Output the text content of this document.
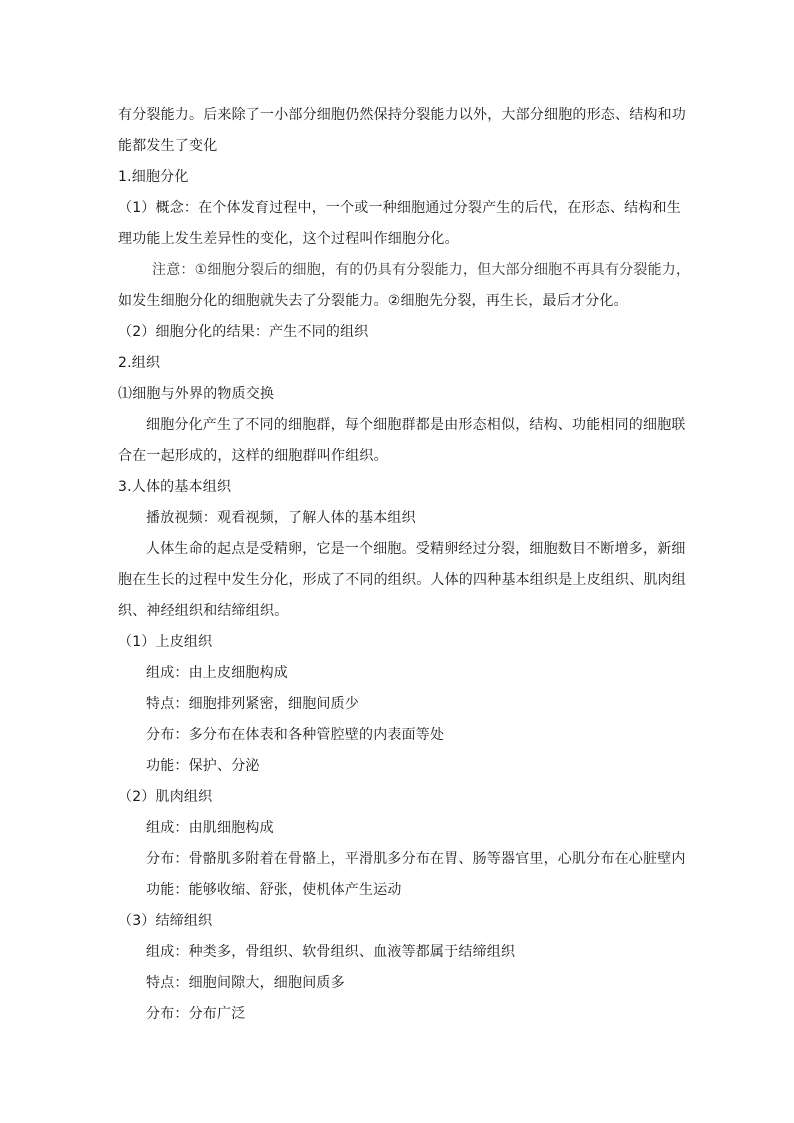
有分裂能力。后来除了一小部分细胞仍然保持分裂能力以外，大部分细胞的形态、结构和功
能都发生了变化
1.细胞分化
（1）概念：在个体发育过程中，一个或一种细胞通过分裂产生的后代，在形态、结构和生
理功能上发生差异性的变化，这个过程叫作细胞分化。
注意：①细胞分裂后的细胞，有的仍具有分裂能力，但大部分细胞不再具有分裂能力，
如发生细胞分化的细胞就失去了分裂能力。②细胞先分裂，再生长，最后才分化。
（2）细胞分化的结果：产生不同的组织
2.组织
⑴细胞与外界的物质交换
细胞分化产生了不同的细胞群，每个细胞群都是由形态相似，结构、功能相同的细胞联
合在一起形成的，这样的细胞群叫作组织。
3.人体的基本组织
播放视频：观看视频，了解人体的基本组织
人体生命的起点是受精卵，它是一个细胞。受精卵经过分裂，细胞数目不断增多，新细
胞在生长的过程中发生分化，形成了不同的组织。人体的四种基本组织是上皮组织、肌肉组
织、神经组织和结缔组织。
（1）上皮组织
组成：由上皮细胞构成
特点：细胞排列紧密，细胞间质少
分布：多分布在体表和各种管腔壁的内表面等处
功能：保护、分泌
（2）肌肉组织
组成：由肌细胞构成
分布：骨骼肌多附着在骨骼上，平滑肌多分布在胃、肠等器官里，心肌分布在心脏壁内
功能：能够收缩、舒张，使机体产生运动
（3）结缔组织
组成：种类多，骨组织、软骨组织、血液等都属于结缔组织
特点：细胞间隙大，细胞间质多
分布：分布广泛
